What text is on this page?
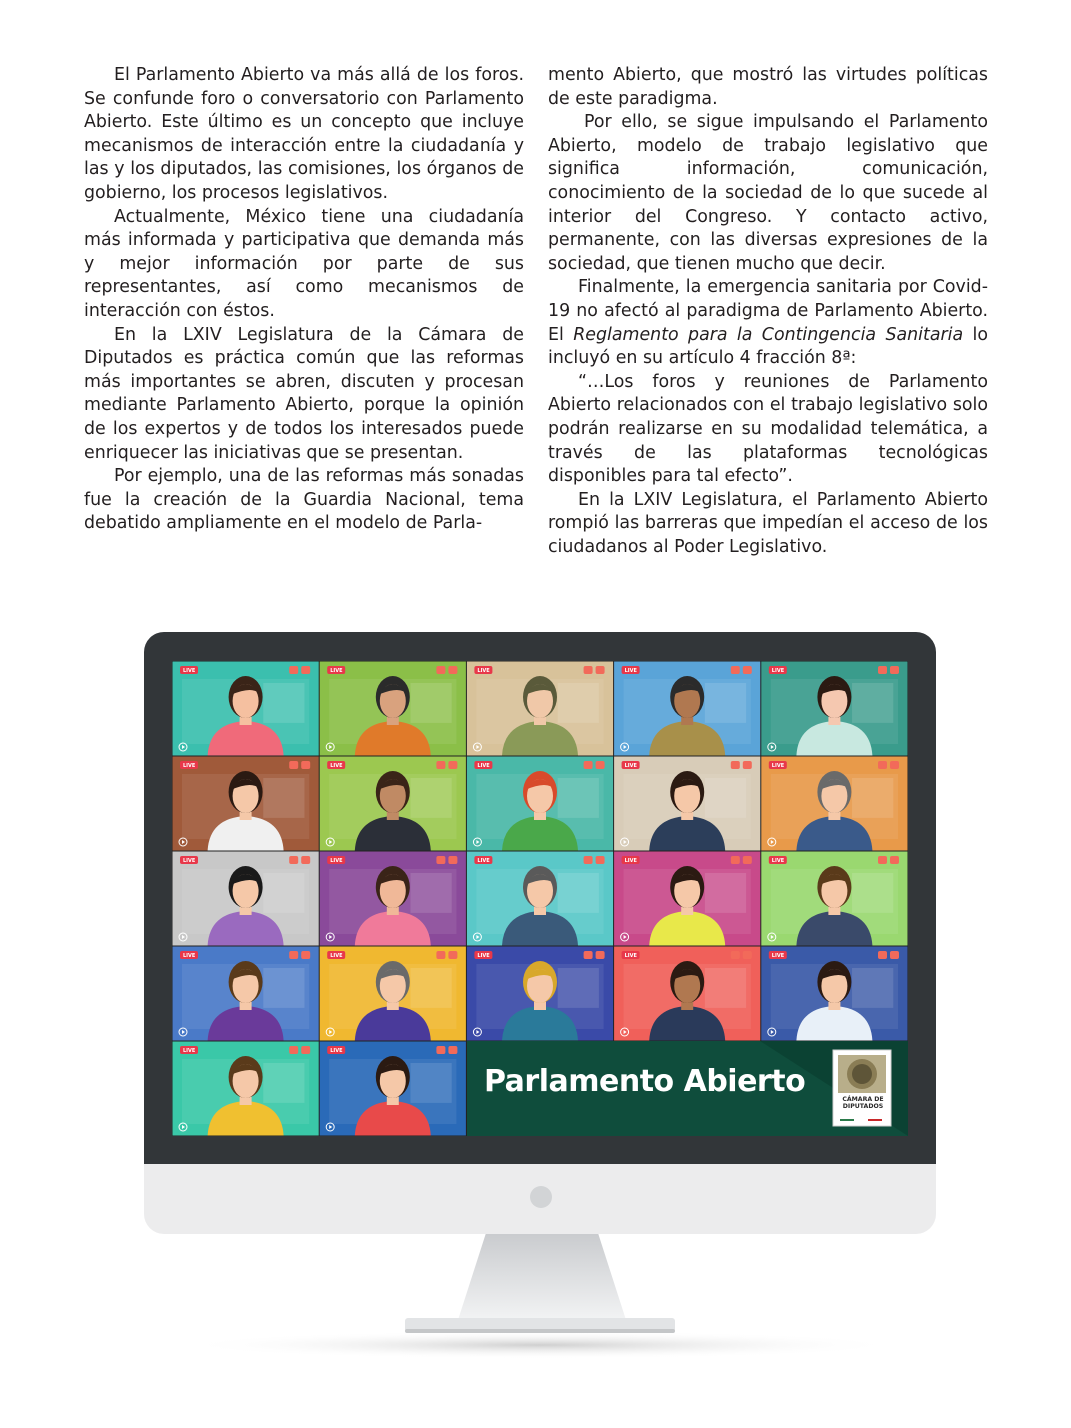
El Parlamento Abierto va más allá de los foros. Se confunde foro o conversatorio con Parlamento Abierto. Este último es un concepto que incluye mecanismos de interacción entre la ciudadanía y las y los diputados, las comisiones, los órganos de gobierno, los procesos legislativos.

Actualmente, México tiene una ciudadanía más informada y participativa que demanda más y mejor información por parte de sus representantes, así como mecanismos de interacción con éstos.

En la LXIV Legislatura de la Cámara de Diputados es práctica común que las reformas más importantes se abren, discuten y procesan mediante Parlamento Abierto, porque la opinión de los expertos y de todos los interesados puede enriquecer las iniciativas que se presentan.

Por ejemplo, una de las reformas más sonadas fue la creación de la Guardia Nacional, tema debatido ampliamente en el modelo de Parla-

mento Abierto, que mostró las virtudes políticas de este paradigma.

Por ello, se sigue impulsando el Parlamento Abierto, modelo de trabajo legislativo que significa información, comunicación, conocimiento de la sociedad de lo que sucede al interior del Congreso. Y contacto activo, permanente, con las diversas expresiones de la sociedad, que tienen mucho que decir.

Finalmente, la emergencia sanitaria por Covid-19 no afectó al paradigma de Parlamento Abierto. El Reglamento para la Contingencia Sanitaria lo incluyó en su artículo 4 fracción 8ª:

“…Los foros y reuniones de Parlamento Abierto relacionados con el trabajo legislativo solo podrán realizarse en su modalidad telemática, a través de las plataformas tecnológicas disponibles para tal efecto”.

En la LXIV Legislatura, el Parlamento Abierto rompió las barreras que impedían el acceso de los ciudadanos al Poder Legislativo.

LIVE	LIVE	LIVE	LIVE	LIVE
LIVE	LIVE	LIVE	LIVE	LIVE
LIVE	LIVE	LIVE	LIVE	LIVE
LIVE	LIVE	LIVE	LIVE	LIVE
LIVE	LIVE
Parlamento Abierto
CÁMARA DE
DIPUTADOS
